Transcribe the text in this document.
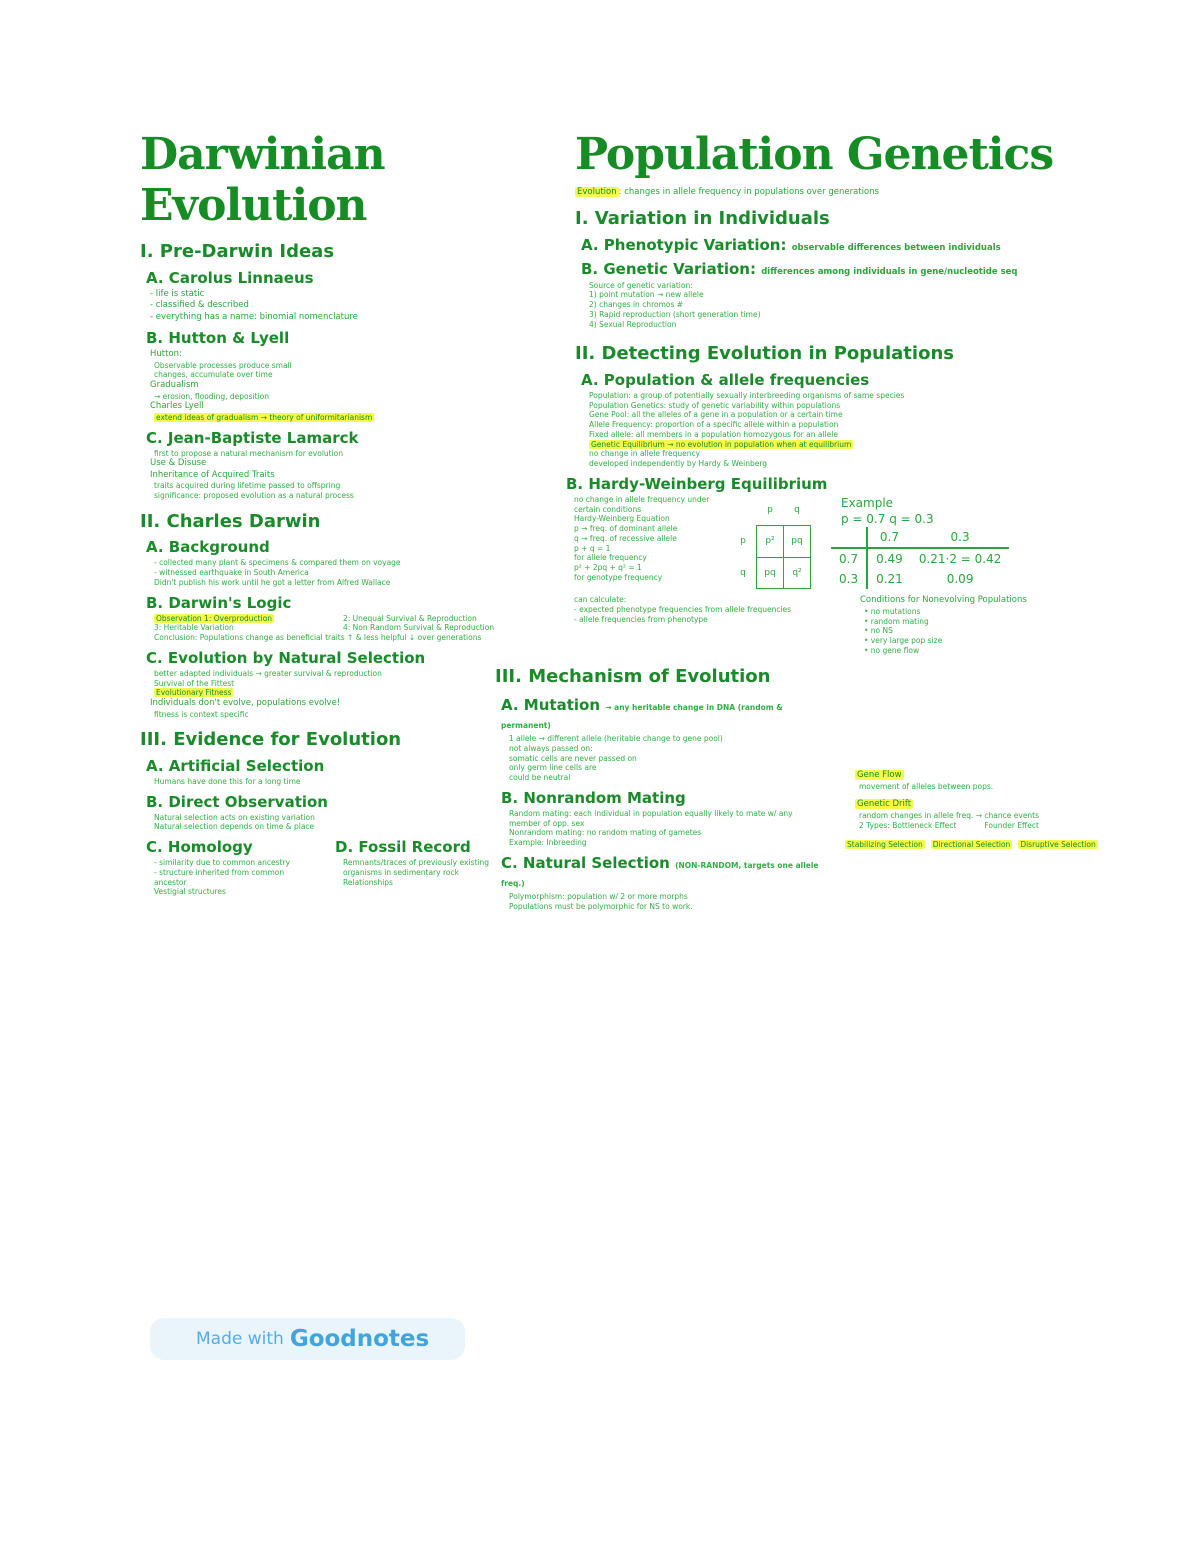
Darwinian Evolution
I. Pre-Darwin Ideas
A. Carolus Linnaeus
- life is static
- classified & described
- everything has a name: binomial nomenclature
B. Hutton & Lyell
Hutton:
Observable processes produce small
changes, accumulate over time
Gradualism
→ erosion, flooding, deposition
Charles Lyell
extend ideas of gradualism → theory of uniformitarianism
C. Jean-Baptiste Lamarck
first to propose a natural mechanism for evolution
Use & Disuse
Inheritance of Acquired Traits
traits acquired during lifetime passed to offspring
significance: proposed evolution as a natural process
II. Charles Darwin
A. Background
- collected many plant & specimens & compared them on voyage
- witnessed earthquake in South America
Didn't publish his work until he got a letter from Alfred Wallace
B. Darwin's Logic
Observation 1: Overproduction	2: Unequal Survival & Reproduction
3: Heritable Variation	4: Non Random Survival & Reproduction
Conclusion: Populations change as beneficial traits ↑ & less helpful ↓ over generations
C. Evolution by Natural Selection
better adapted individuals → greater survival & reproduction
Survival of the Fittest
Evolutionary Fitness
Individuals don't evolve, populations evolve!
fitness is context specific
III. Evidence for Evolution
A. Artificial Selection
Humans have done this for a long time
B. Direct Observation
Natural selection acts on existing variation
Natural selection depends on time & place
C. Homology
- similarity due to common ancestry
- structure inherited from common ancestor
Vestigial structures
D. Fossil Record
Remnants/traces of previously existing organisms in sedimentary rock
Relationships
Population Genetics
Evolution : changes in allele frequency in populations over generations
I. Variation in Individuals
A. Phenotypic Variation: observable differences between individuals
B. Genetic Variation: differences among individuals in gene/nucleotide seq
Source of genetic variation:
1) point mutation → new allele
2) changes in chromos #
3) Rapid reproduction (short generation time)
4) Sexual Reproduction
II. Detecting Evolution in Populations
A. Population & allele frequencies
Population: a group of potentially sexually interbreeding organisms of same species
Population Genetics: study of genetic variability within populations
Gene Pool: all the alleles of a gene in a population or a certain time
Allele Frequency: proportion of a specific allele within a population
Fixed allele: all members in a population homozygous for an allele
Genetic Equilibrium → no evolution in population when at equilibrium
no change in allele frequency
developed independently by Hardy & Weinberg
B. Hardy-Weinberg Equilibrium
no change in allele frequency under certain conditions
Hardy-Weinberg Equation
p → freq. of dominant allele
q → freq. of recessive allele
p + q = 1
for allele frequency
p² + 2pq + q² = 1
for genotype frequency
	p	q
p	p²	pq
q	pq	q²
Example
p = 0.7 q = 0.3
	0.7	0.3
0.7	0.49	0.21·2 = 0.42
0.3	0.21	0.09
can calculate:
- expected phenotype frequencies from allele frequencies
- allele frequencies from phenotype
Conditions for Nonevolving Populations
• no mutations
• random mating
• no NS
• very large pop size
• no gene flow
III. Mechanism of Evolution
A. Mutation → any heritable change in DNA (random & permanent)
1 allele → different allele (heritable change to gene pool)
not always passed on:
somatic cells are never passed on
only germ line cells are
could be neutral
B. Nonrandom Mating
Random mating: each individual in population equally likely to mate w/ any member of opp. sex
Nonrandom mating: no random mating of gametes
Example: Inbreeding
C. Natural Selection (NON-RANDOM, targets one allele freq.)
Polymorphism: population w/ 2 or more morphs
Populations must be polymorphic for NS to work.
Gene Flow
movement of alleles between pops.
Genetic Drift
random changes in allele freq. → chance events
2 Types: Bottleneck Effect	Founder Effect
Stabilizing Selection Directional Selection Disruptive Selection
Made with Goodnotes
